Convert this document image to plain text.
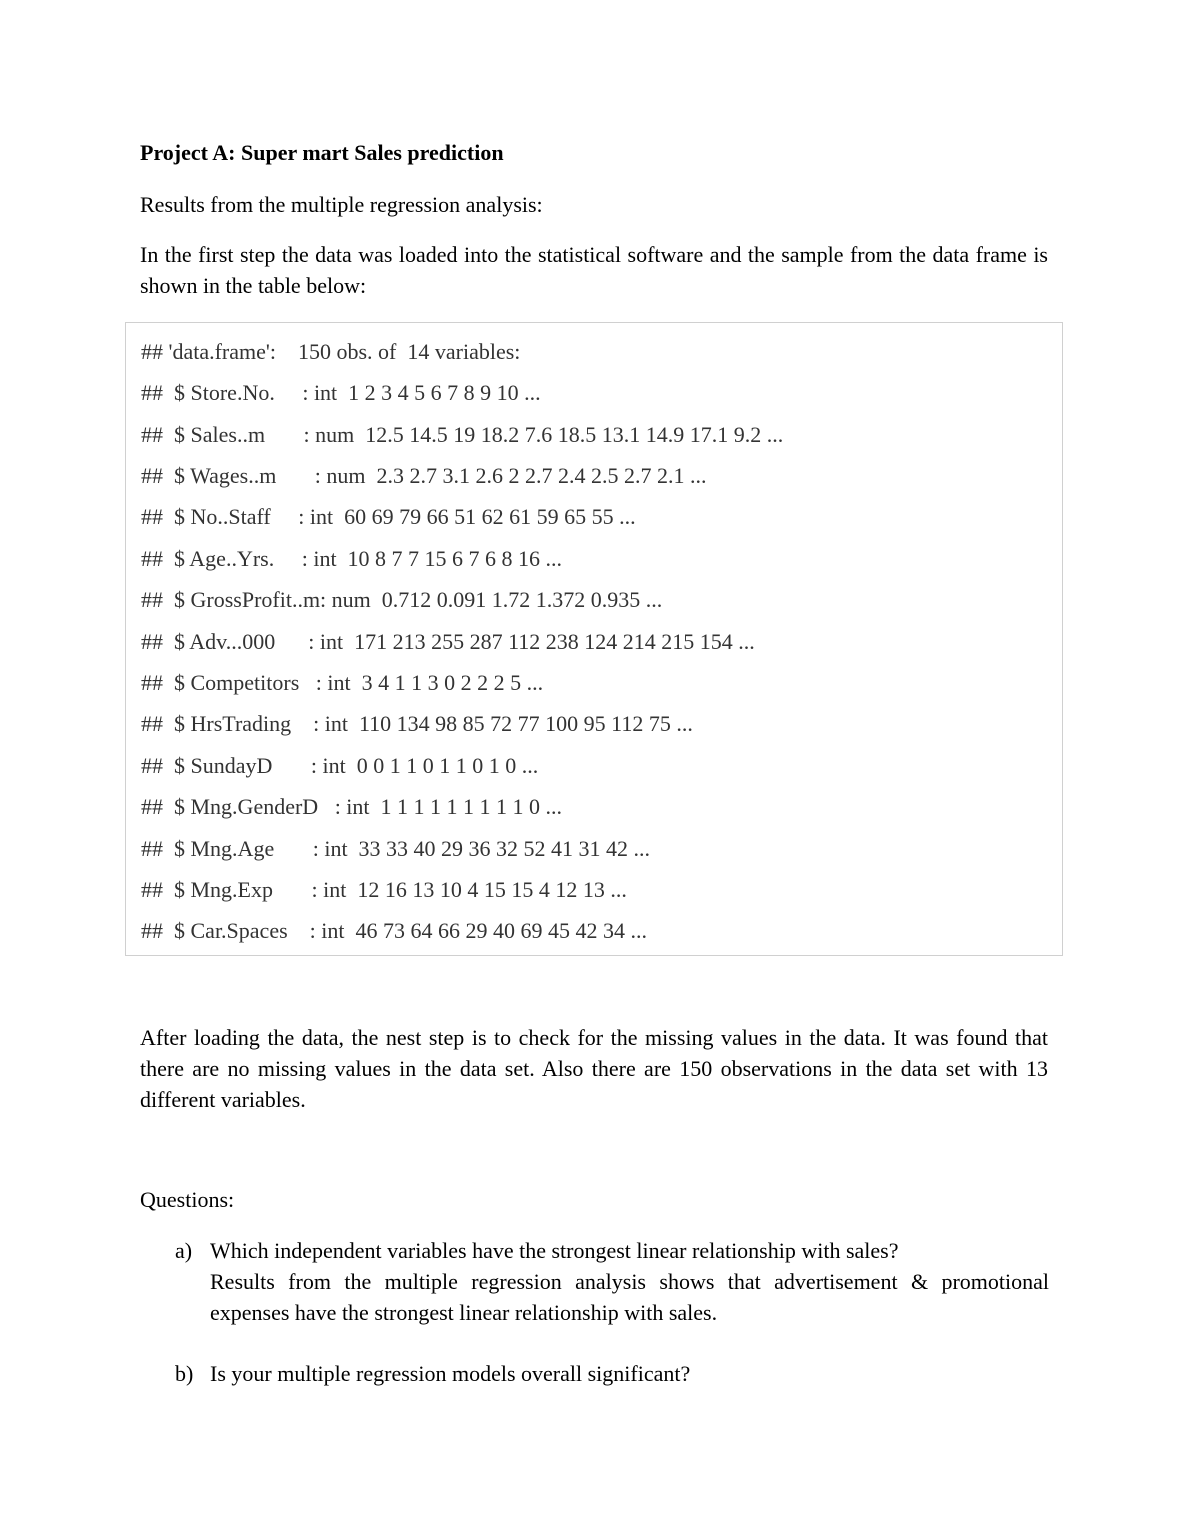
Project A: Super mart Sales prediction
Results from the multiple regression analysis:
In the first step the data was loaded into the statistical software and the sample from the data frame is shown in the table below:
## 'data.frame':    150 obs. of  14 variables:
##  $ Store.No.     : int  1 2 3 4 5 6 7 8 9 10 ...
##  $ Sales..m       : num  12.5 14.5 19 18.2 7.6 18.5 13.1 14.9 17.1 9.2 ...
##  $ Wages..m       : num  2.3 2.7 3.1 2.6 2 2.7 2.4 2.5 2.7 2.1 ...
##  $ No..Staff     : int  60 69 79 66 51 62 61 59 65 55 ...
##  $ Age..Yrs.     : int  10 8 7 7 15 6 7 6 8 16 ...
##  $ GrossProfit..m: num  0.712 0.091 1.72 1.372 0.935 ...
##  $ Adv...000      : int  171 213 255 287 112 238 124 214 215 154 ...
##  $ Competitors   : int  3 4 1 1 3 0 2 2 2 5 ...
##  $ HrsTrading    : int  110 134 98 85 72 77 100 95 112 75 ...
##  $ SundayD       : int  0 0 1 1 0 1 1 0 1 0 ...
##  $ Mng.GenderD   : int  1 1 1 1 1 1 1 1 1 0 ...
##  $ Mng.Age       : int  33 33 40 29 36 32 52 41 31 42 ...
##  $ Mng.Exp       : int  12 16 13 10 4 15 15 4 12 13 ...
##  $ Car.Spaces    : int  46 73 64 66 29 40 69 45 42 34 ...
After loading the data, the nest step is to check for the missing values in the data. It was found that there are no missing values in the data set. Also there are 150 observations in the data set with 13 different variables.
Questions:
a) Which independent variables have the strongest linear relationship with sales?
Results from the multiple regression analysis shows that advertisement & promotional expenses have the strongest linear relationship with sales.
b) Is your multiple regression models overall significant?
